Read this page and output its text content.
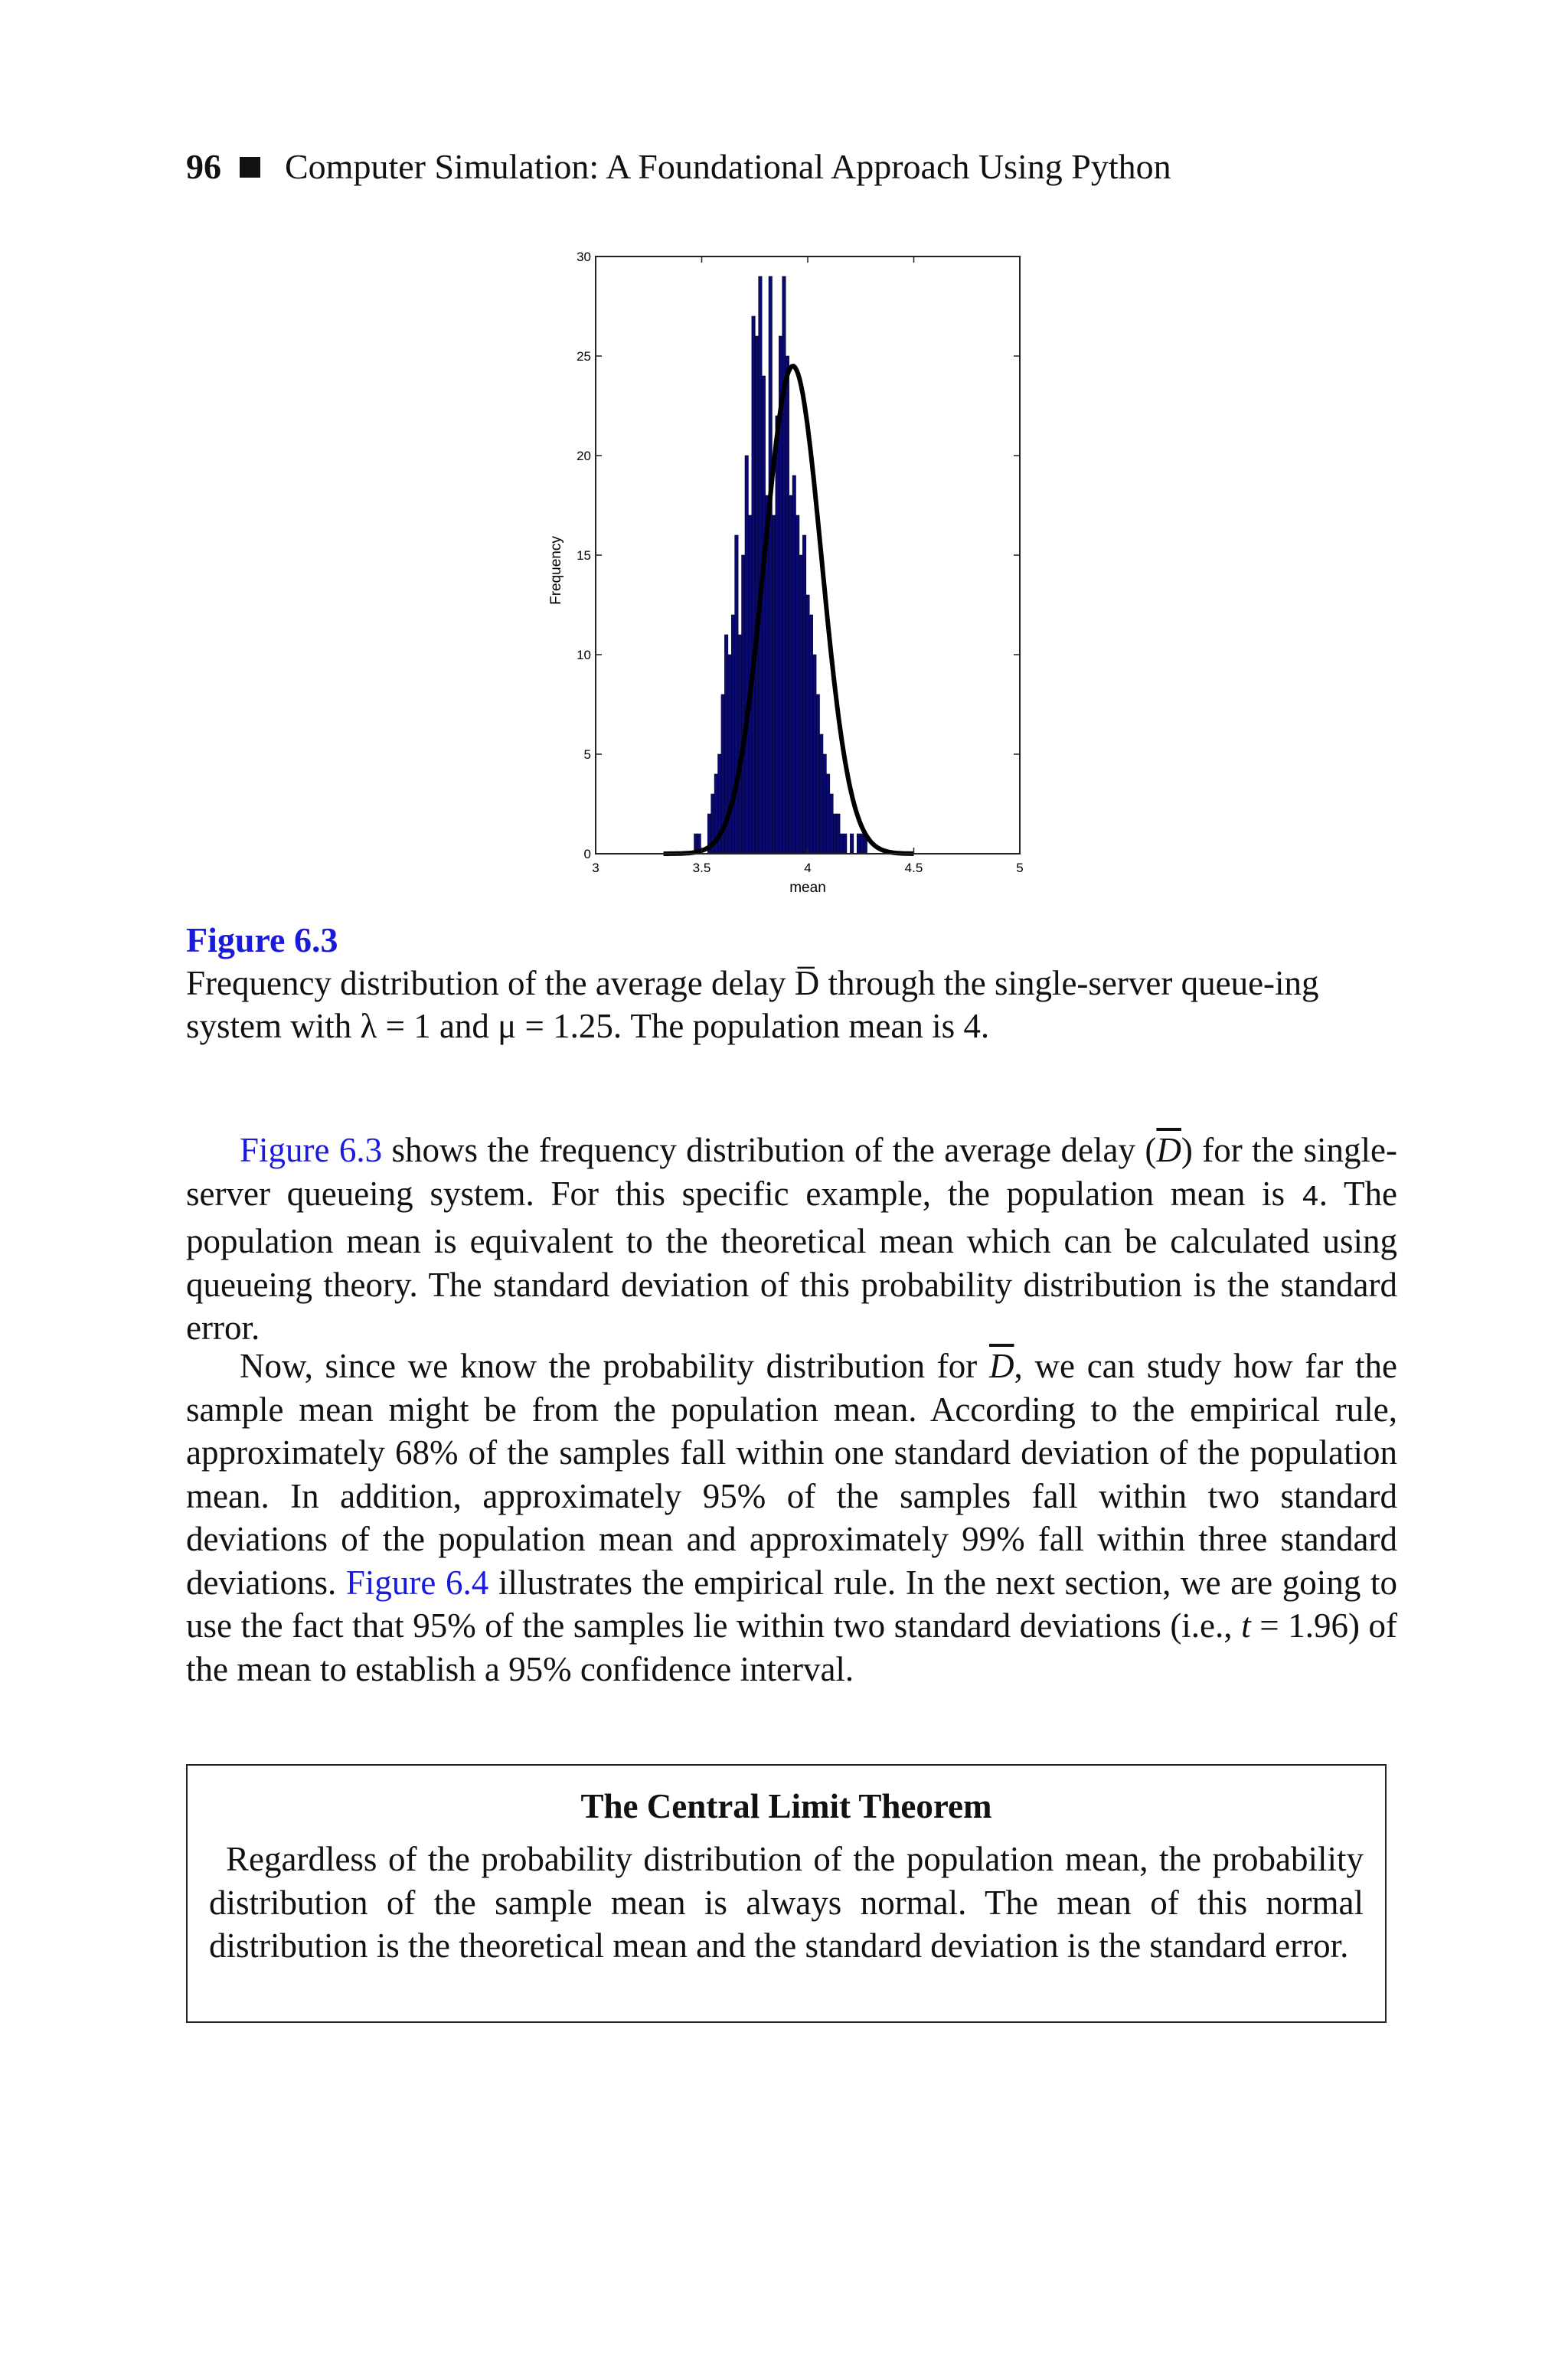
96 Computer Simulation: A Foundational Approach Using Python
3	3.5	4	4.5	5
0
5
10
15
20
25
30
mean
Frequency
Figure 6.3
Frequency distribution of the average delay D̅ through the single-server queue-ing system with λ = 1 and μ = 1.25. The population mean is 4.

Figure 6.3 shows the frequency distribution of the average delay $(\overline{D})$ for the single-server queueing system. For this specific example, the population mean is 4. The population mean is equivalent to the theoretical mean which can be calculated using queueing theory. The standard deviation of this probability distribution is the standard error.

Now, since we know the probability distribution for $\overline{D}$, we can study how far the sample mean might be from the population mean. According to the empirical rule, approximately 68% of the samples fall within one standard deviation of the population mean. In addition, approximately 95% of the samples fall within two standard deviations of the population mean and approximately 99% fall within three standard deviations. Figure 6.4 illustrates the empirical rule. In the next section, we are going to use the fact that 95% of the samples lie within two standard deviations (i.e., t = 1.96) of the mean to establish a 95% confidence interval.

The Central Limit Theorem

Regardless of the probability distribution of the population mean, the probability distribution of the sample mean is always normal. The mean of this normal distribution is the theoretical mean and the standard deviation is the standard error.
